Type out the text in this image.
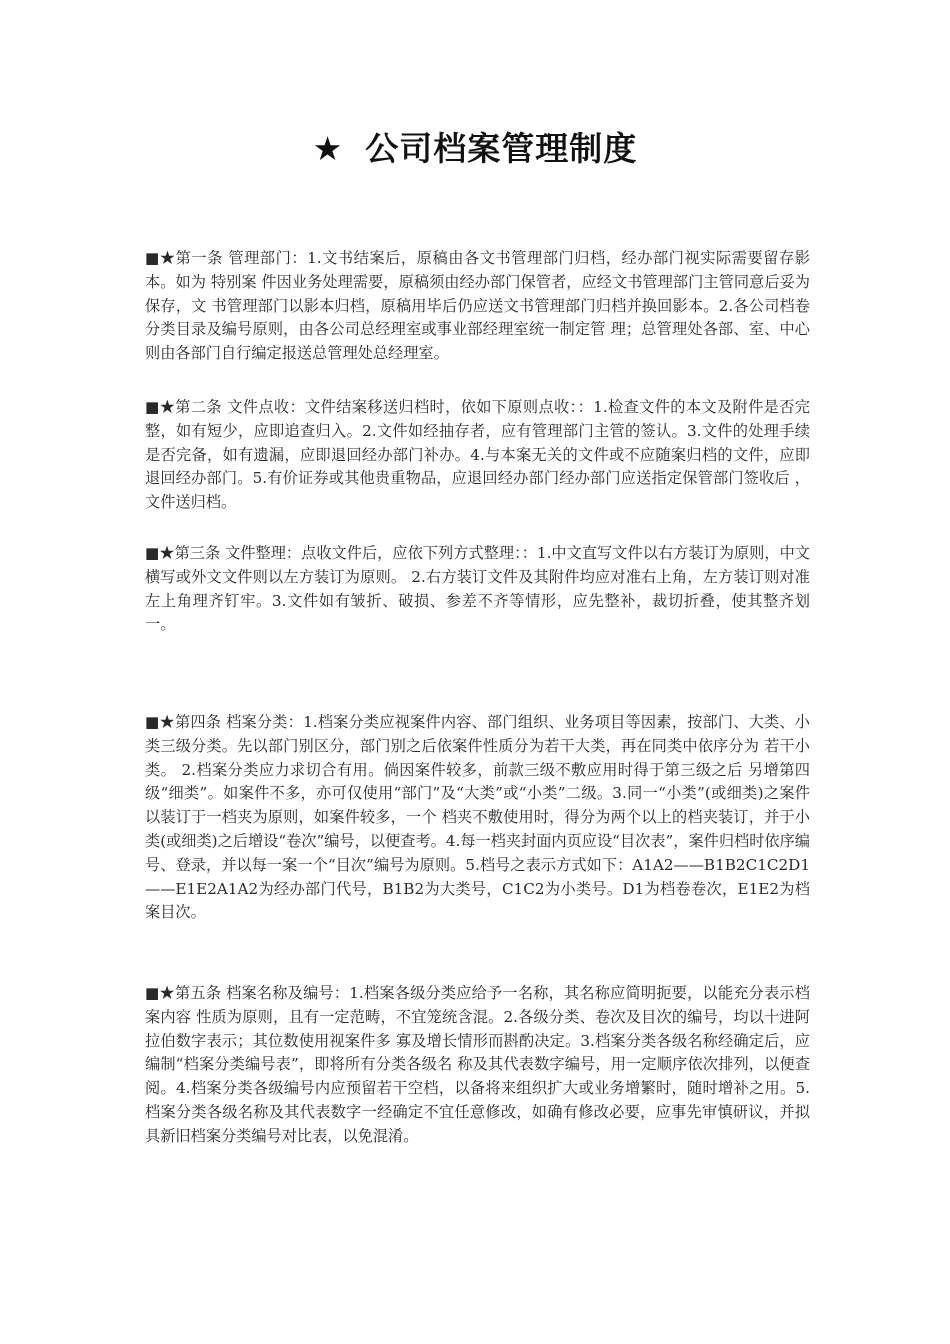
★ 公司档案管理制度

■★第一条 管理部门：1.文书结案后，原稿由各文书管理部门归档，经办部门视实际需要留存影本。如为 特别案 件因业务处理需要，原稿须由经办部门保管者，应经文书管理部门主管同意后妥为保存，文 书管理部门以影本归档，原稿用毕后仍应送文书管理部门归档并换回影本。2.各公司档卷分类目录及编号原则，由各公司总经理室或事业部经理室统一制定管 理；总管理处各部、室、中心则由各部门自行编定报送总管理处总经理室。

■★第二条 文件点收：文件结案移送归档时，依如下原则点收：：1.检查文件的本文及附件是否完整，如有短少，应即追查归入。2.文件如经抽存者，应有管理部门主管的签认。3.文件的处理手续是否完备，如有遗漏，应即退回经办部门补办。4.与本案无关的文件或不应随案归档的文件，应即退回经办部门。5.有价证券或其他贵重物品，应退回经办部门经办部门应送指定保管部门签收后 ，文件送归档。

■★第三条 文件整理：点收文件后，应依下列方式整理：：1.中文直写文件以右方装订为原则，中文横写或外文文件则以左方装订为原则。 2.右方装订文件及其附件均应对准右上角，左方装订则对准左上角理齐钉牢。3.文件如有皱折、破损、参差不齐等情形，应先整补，裁切折叠，使其整齐划一。

■★第四条 档案分类：1.档案分类应视案件内容、部门组织、业务项目等因素，按部门、大类、小类三级分类。先以部门别区分，部门别之后依案件性质分为若干大类，再在同类中依序分为 若干小类。 2.档案分类应力求切合有用。倘因案件较多，前款三级不敷应用时得于第三级之后 另增第四级“细类”。如案件不多，亦可仅使用“部门”及“大类”或“小类”二级。3.同一“小类”(或细类)之案件以装订于一档夹为原则，如案件较多，一个 档夹不敷使用时，得分为两个以上的档夹装订，并于小类(或细类)之后增设“卷次”编号，以便查考。4.每一档夹封面内页应设“目次表”，案件归档时依序编号、登录，并以每一案一个“目次”编号为原则。5.档号之表示方式如下：A1A2——B1B2C1C2D1——E1E2A1A2为经办部门代号，B1B2为大类号，C1C2为小类号。D1为档卷卷次，E1E2为档案目次。

■★第五条 档案名称及编号：1.档案各级分类应给予一名称，其名称应简明扼要，以能充分表示档案内容 性质为原则，且有一定范畴，不宜笼统含混。2.各级分类、卷次及目次的编号，均以十进阿拉伯数字表示；其位数使用视案件多 寡及增长情形而斟酌决定。3.档案分类各级名称经确定后，应编制“档案分类编号表”，即将所有分类各级名 称及其代表数字编号，用一定顺序依次排列，以便查阅。4.档案分类各级编号内应预留若干空档，以备将来组织扩大或业务增繁时，随时增补之用。5.档案分类各级名称及其代表数字一经确定不宜任意修改，如确有修改必要，应事先审慎研议，并拟具新旧档案分类编号对比表，以免混淆。
